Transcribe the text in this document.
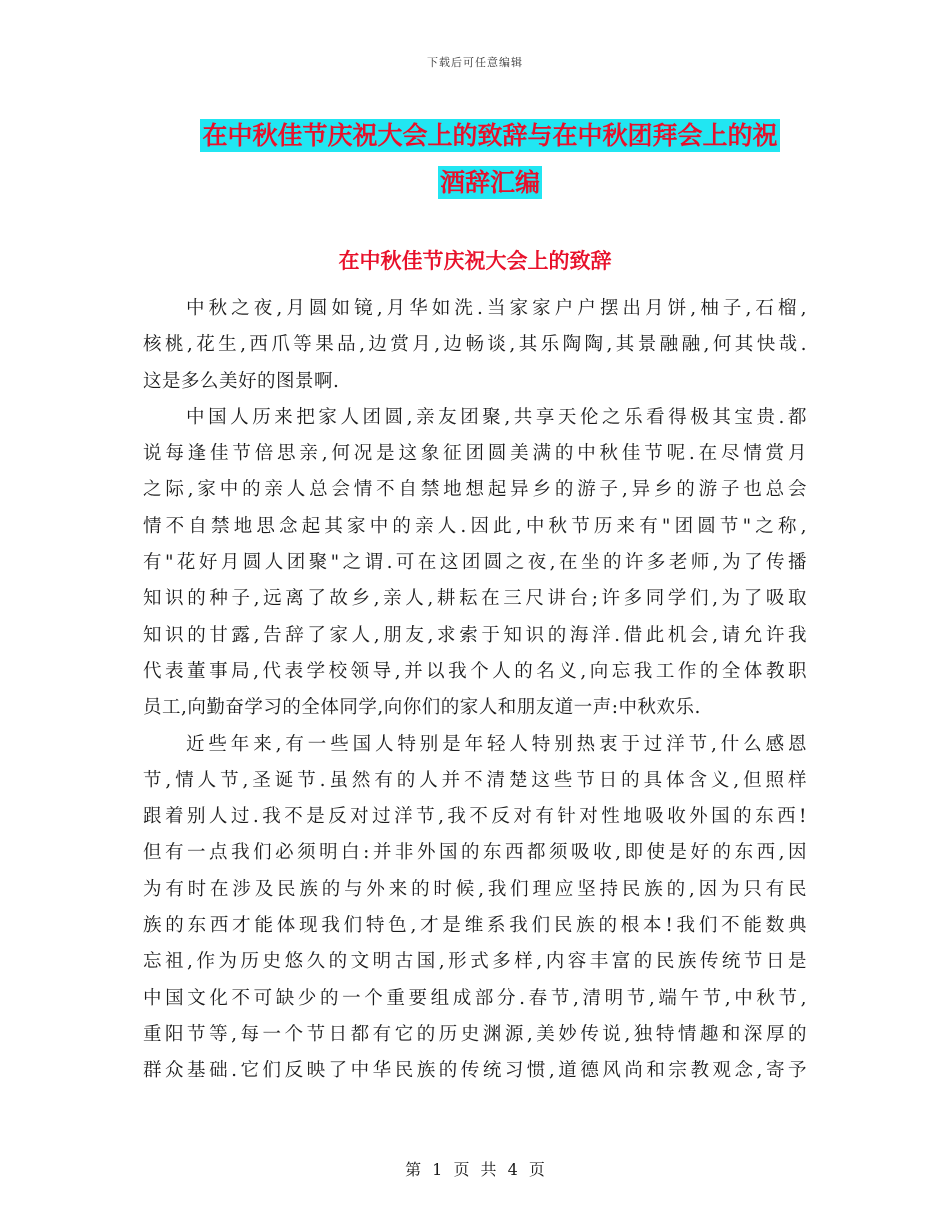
下载后可任意编辑
在中秋佳节庆祝大会上的致辞与在中秋团拜会上的祝
酒辞汇编
在中秋佳节庆祝大会上的致辞
中秋之夜,月圆如镜,月华如洗.当家家户户摆出月饼,柚子,石榴,
核桃,花生,西爪等果品,边赏月,边畅谈,其乐陶陶,其景融融,何其快哉.
这是多么美好的图景啊.
中国人历来把家人团圆,亲友团聚,共享天伦之乐看得极其宝贵.都
说每逢佳节倍思亲,何况是这象征团圆美满的中秋佳节呢.在尽情赏月
之际,家中的亲人总会情不自禁地想起异乡的游子,异乡的游子也总会
情不自禁地思念起其家中的亲人.因此,中秋节历来有"团圆节"之称,
有"花好月圆人团聚"之谓.可在这团圆之夜,在坐的许多老师,为了传播
知识的种子,远离了故乡,亲人,耕耘在三尺讲台;许多同学们,为了吸取
知识的甘露,告辞了家人,朋友,求索于知识的海洋.借此机会,请允许我
代表董事局,代表学校领导,并以我个人的名义,向忘我工作的全体教职
员工,向勤奋学习的全体同学,向你们的家人和朋友道一声:中秋欢乐.
近些年来,有一些国人特别是年轻人特别热衷于过洋节,什么感恩
节,情人节,圣诞节.虽然有的人并不清楚这些节日的具体含义,但照样
跟着别人过.我不是反对过洋节,我不反对有针对性地吸收外国的东西!
但有一点我们必须明白:并非外国的东西都须吸收,即使是好的东西,因
为有时在涉及民族的与外来的时候,我们理应坚持民族的,因为只有民
族的东西才能体现我们特色,才是维系我们民族的根本!我们不能数典
忘祖,作为历史悠久的文明古国,形式多样,内容丰富的民族传统节日是
中国文化不可缺少的一个重要组成部分.春节,清明节,端午节,中秋节,
重阳节等,每一个节日都有它的历史渊源,美妙传说,独特情趣和深厚的
群众基础.它们反映了中华民族的传统习惯,道德风尚和宗教观念,寄予
第 1 页 共 4 页
